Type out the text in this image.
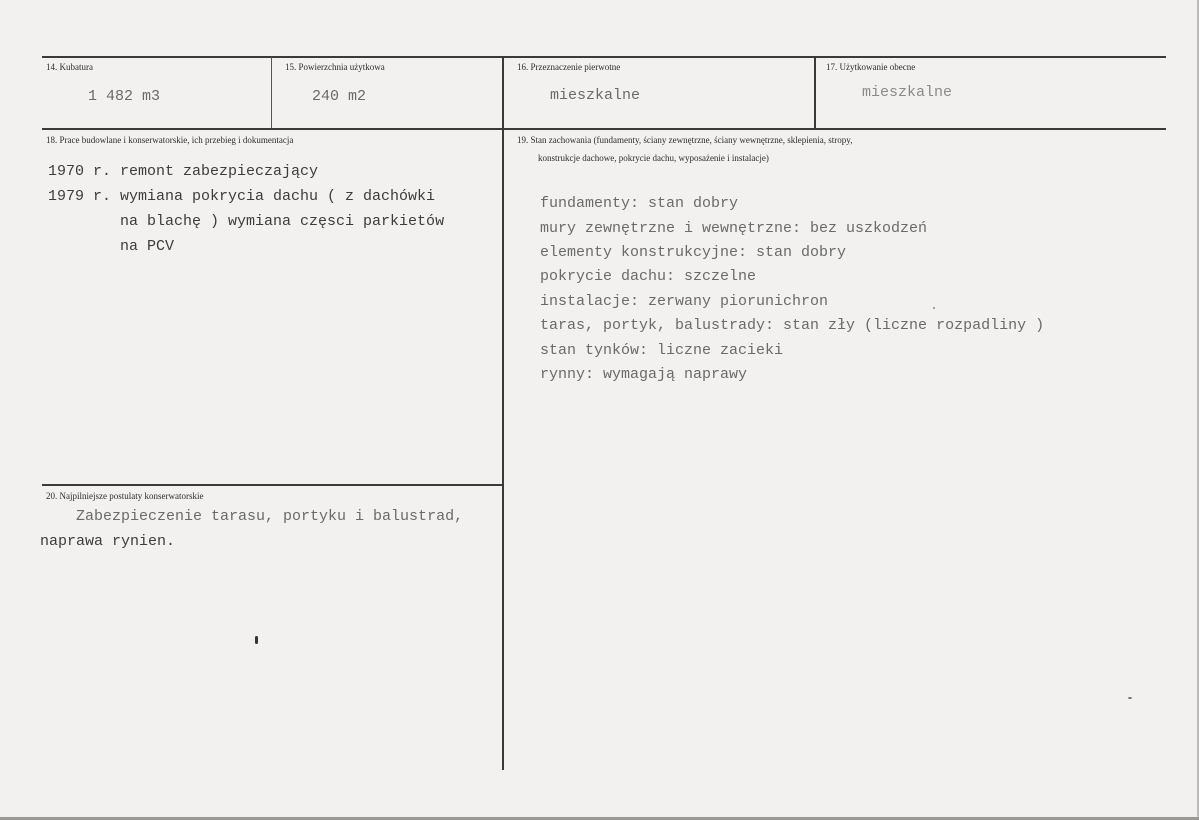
14. Kubatura
1 482 m3
15. Powierzchnia użytkowa
240 m2
16. Przeznaczenie pierwotne
mieszkalne
17. Użytkowanie obecne
mieszkalne
18. Prace budowlane i konserwatorskie, ich przebieg i dokumentacja
1970 r. remont zabezpieczający
1979 r. wymiana pokrycia dachu ( z dachówki
na blachę ) wymiana częsci parkietów
na PCV
19. Stan zachowania (fundamenty, ściany zewnętrzne, ściany wewnętrzne, sklepienia, stropy,
konstrukcje dachowe, pokrycie dachu, wyposażenie i instalacje)
fundamenty: stan dobry
mury zewnętrzne i wewnętrzne: bez uszkodzeń
elementy konstrukcyjne: stan dobry
pokrycie dachu: szczelne
instalacje: zerwany piorunichron
taras, portyk, balustrady: stan zły (liczne rozpadliny )
stan tynków: liczne zacieki
rynny: wymagają naprawy
20. Najpilniejsze postulaty konserwatorskie
Zabezpieczenie tarasu, portyku i balustrad,
naprawa rynien.
